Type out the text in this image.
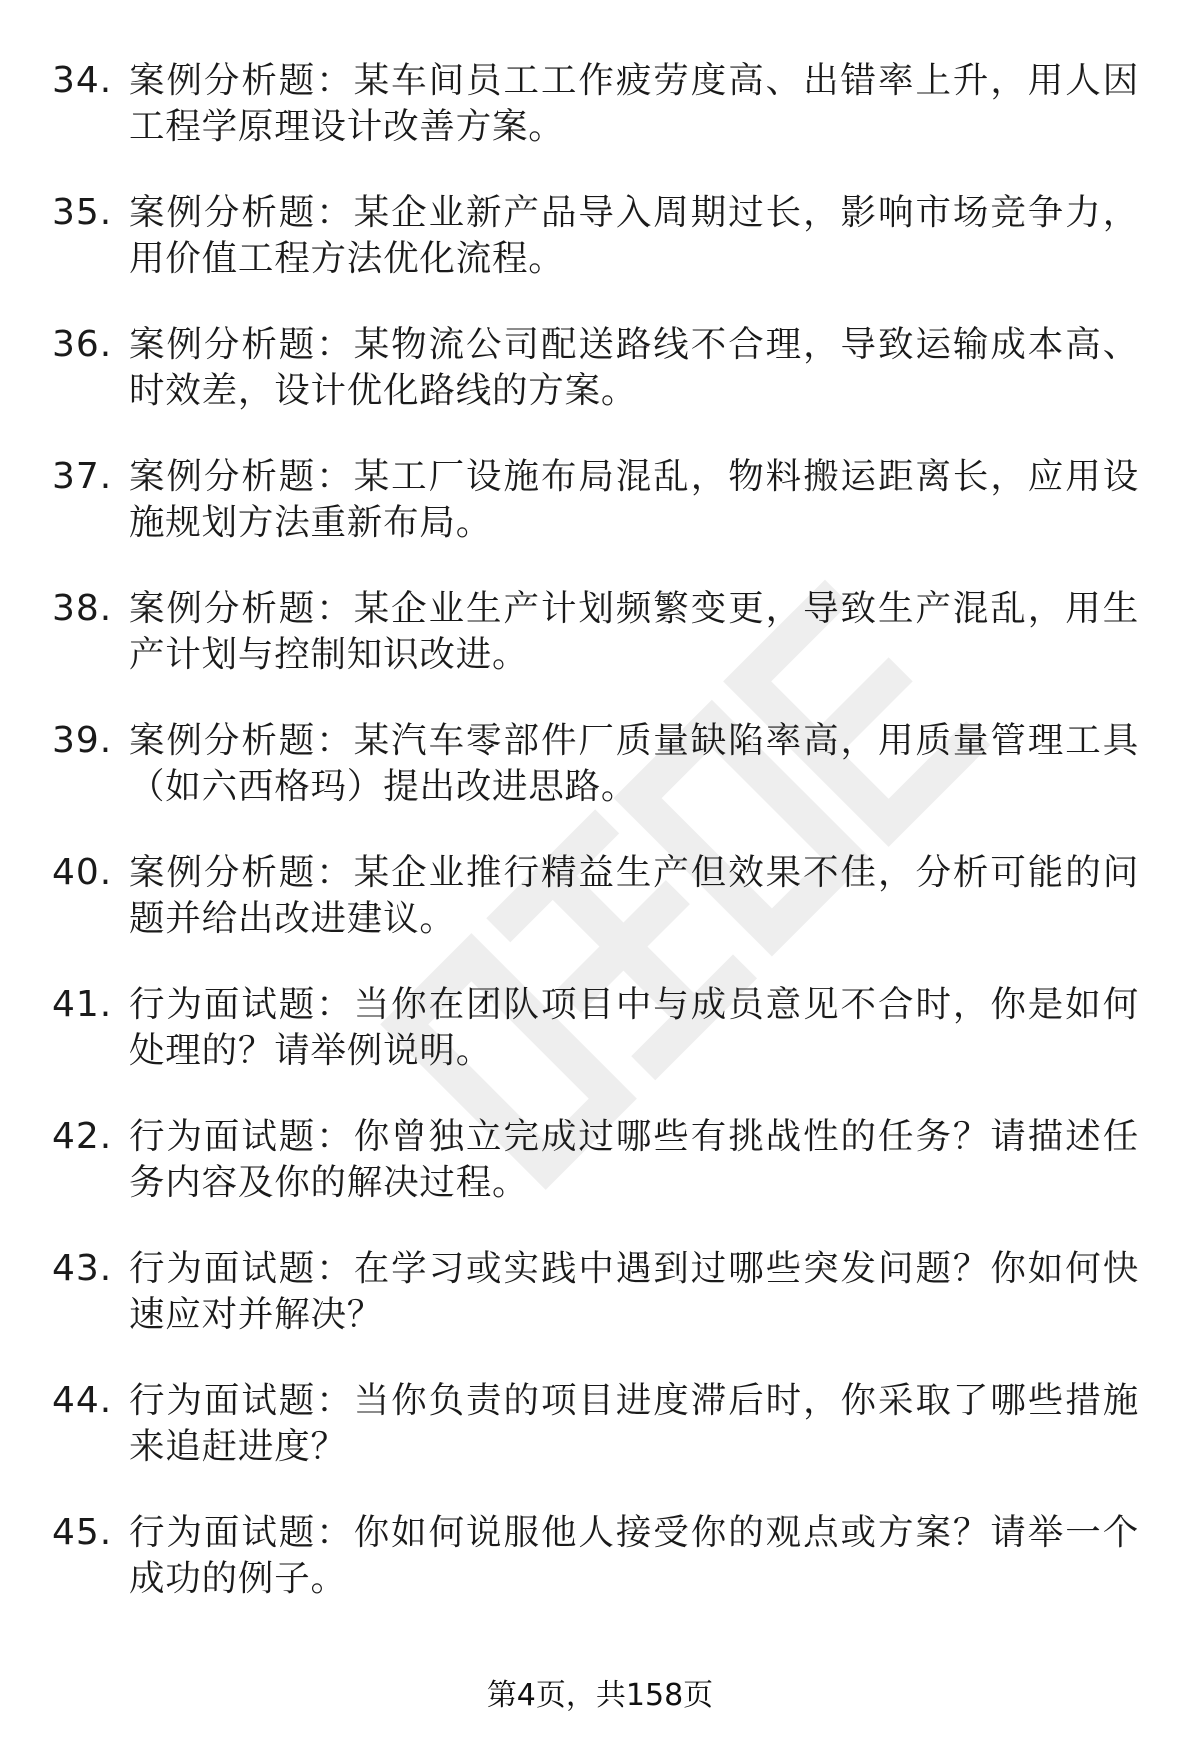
34. 案例分析题：某车间员工工作疲劳度高、出错率上升，用人因工程学原理设计改善方案。
35. 案例分析题：某企业新产品导入周期过长，影响市场竞争力，用价值工程方法优化流程。
36. 案例分析题：某物流公司配送路线不合理，导致运输成本高、时效差，设计优化路线的方案。
37. 案例分析题：某工厂设施布局混乱，物料搬运距离长，应用设施规划方法重新布局。
38. 案例分析题：某企业生产计划频繁变更，导致生产混乱，用生产计划与控制知识改进。
39. 案例分析题：某汽车零部件厂质量缺陷率高，用质量管理工具（如六西格玛）提出改进思路。
40. 案例分析题：某企业推行精益生产但效果不佳，分析可能的问题并给出改进建议。
41. 行为面试题：当你在团队项目中与成员意见不合时，你是如何处理的？请举例说明。
42. 行为面试题：你曾独立完成过哪些有挑战性的任务？请描述任务内容及你的解决过程。
43. 行为面试题：在学习或实践中遇到过哪些突发问题？你如何快速应对并解决？
44. 行为面试题：当你负责的项目进度滞后时，你采取了哪些措施来追赶进度？
45. 行为面试题：你如何说服他人接受你的观点或方案？请举一个成功的例子。
第4页，共158页
